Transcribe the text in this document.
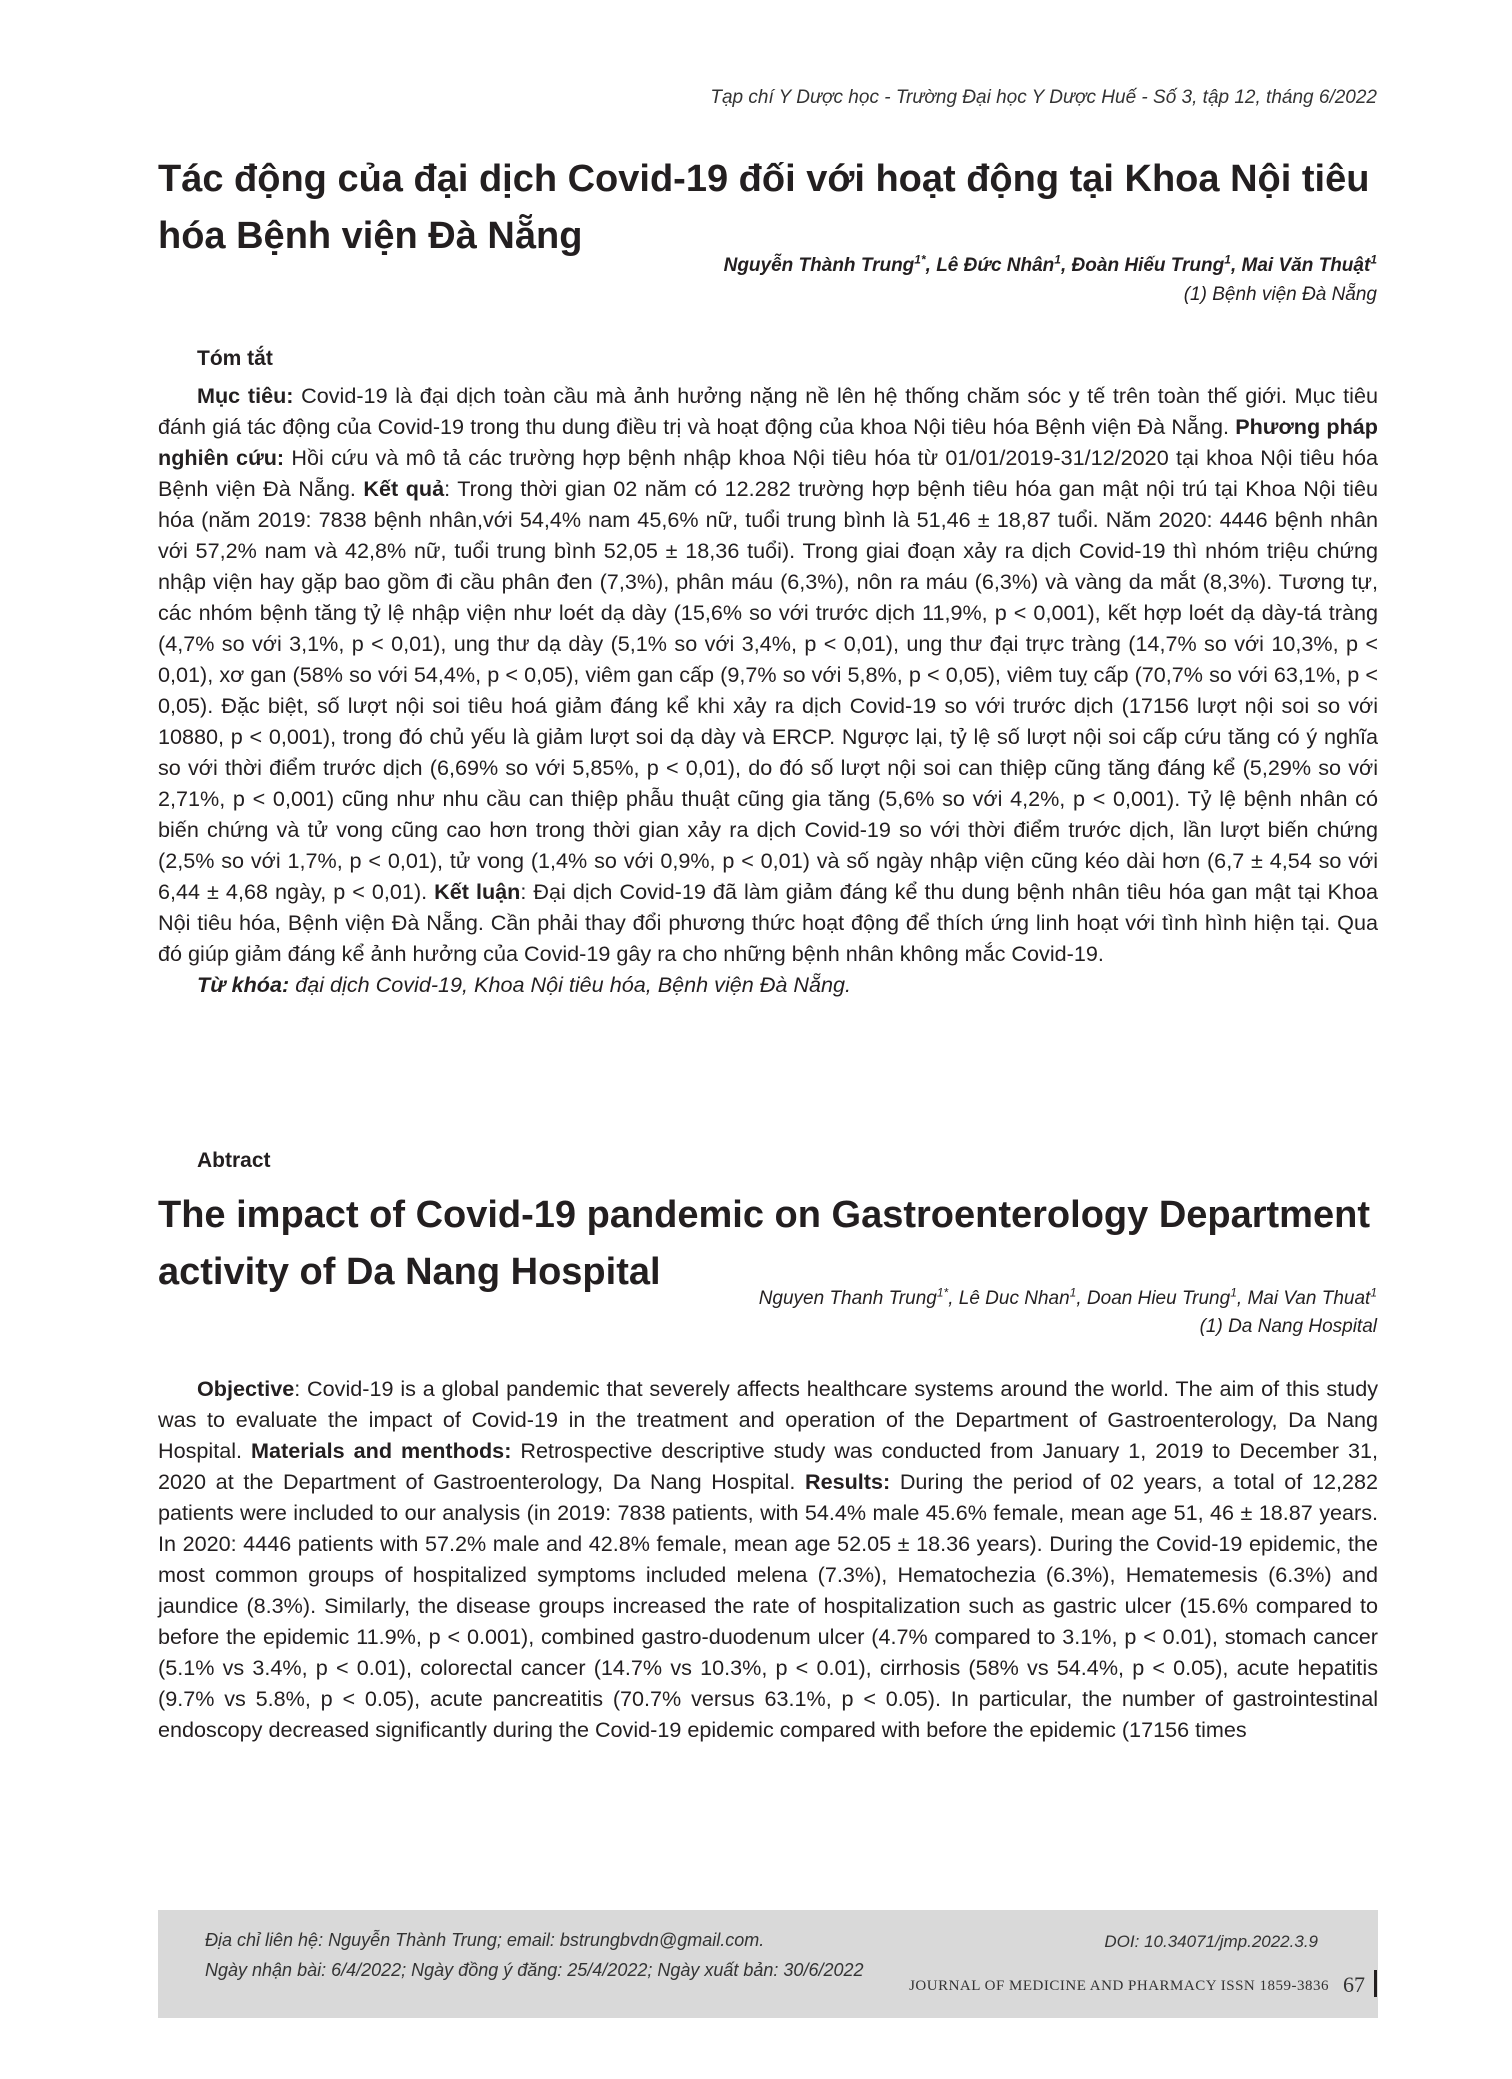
Tạp chí Y Dược học - Trường Đại học Y Dược Huế - Số 3, tập 12, tháng 6/2022
Tác động của đại dịch Covid-19 đối với hoạt động tại Khoa Nội tiêu hóa Bệnh viện Đà Nẵng
Nguyễn Thành Trung$^{1*}$, Lê Đức Nhân$^1$, Đoàn Hiếu Trung$^1$, Mai Văn Thuật$^1$
(1) Bệnh viện Đà Nẵng
Tóm tắt

Mục tiêu: Covid-19 là đại dịch toàn cầu mà ảnh hưởng nặng nề lên hệ thống chăm sóc y tế trên toàn thế giới. Mục tiêu đánh giá tác động của Covid-19 trong thu dung điều trị và hoạt động của khoa Nội tiêu hóa Bệnh viện Đà Nẵng. Phương pháp nghiên cứu: Hồi cứu và mô tả các trường hợp bệnh nhập khoa Nội tiêu hóa từ 01/01/2019-31/12/2020 tại khoa Nội tiêu hóa Bệnh viện Đà Nẵng. Kết quả: Trong thời gian 02 năm có 12.282 trường hợp bệnh tiêu hóa gan mật nội trú tại Khoa Nội tiêu hóa (năm 2019: 7838 bệnh nhân,với 54,4% nam 45,6% nữ, tuổi trung bình là 51,46 ± 18,87 tuổi. Năm 2020: 4446 bệnh nhân với 57,2% nam và 42,8% nữ, tuổi trung bình 52,05 ± 18,36 tuổi). Trong giai đoạn xảy ra dịch Covid-19 thì nhóm triệu chứng nhập viện hay gặp bao gồm đi cầu phân đen (7,3%), phân máu (6,3%), nôn ra máu (6,3%) và vàng da mắt (8,3%). Tương tự, các nhóm bệnh tăng tỷ lệ nhập viện như loét dạ dày (15,6% so với trước dịch 11,9%, p < 0,001), kết hợp loét dạ dày-tá tràng (4,7% so với 3,1%, p < 0,01), ung thư dạ dày (5,1% so với 3,4%, p < 0,01), ung thư đại trực tràng (14,7% so với 10,3%, p < 0,01), xơ gan (58% so với 54,4%, p < 0,05), viêm gan cấp (9,7% so với 5,8%, p < 0,05), viêm tuỵ cấp (70,7% so với 63,1%, p < 0,05). Đặc biệt, số lượt nội soi tiêu hoá giảm đáng kể khi xảy ra dịch Covid-19 so với trước dịch (17156 lượt nội soi so với 10880, p < 0,001), trong đó chủ yếu là giảm lượt soi dạ dày và ERCP. Ngược lại, tỷ lệ số lượt nội soi cấp cứu tăng có ý nghĩa so với thời điểm trước dịch (6,69% so với 5,85%, p < 0,01), do đó số lượt nội soi can thiệp cũng tăng đáng kể (5,29% so với 2,71%, p < 0,001) cũng như nhu cầu can thiệp phẫu thuật cũng gia tăng (5,6% so với 4,2%, p < 0,001). Tỷ lệ bệnh nhân có biến chứng và tử vong cũng cao hơn trong thời gian xảy ra dịch Covid-19 so với thời điểm trước dịch, lần lượt biến chứng (2,5% so với 1,7%, p < 0,01), tử vong (1,4% so với 0,9%, p < 0,01) và số ngày nhập viện cũng kéo dài hơn (6,7 ± 4,54 so với 6,44 ± 4,68 ngày, p < 0,01). Kết luận: Đại dịch Covid-19 đã làm giảm đáng kể thu dung bệnh nhân tiêu hóa gan mật tại Khoa Nội tiêu hóa, Bệnh viện Đà Nẵng. Cần phải thay đổi phương thức hoạt động để thích ứng linh hoạt với tình hình hiện tại. Qua đó giúp giảm đáng kể ảnh hưởng của Covid-19 gây ra cho những bệnh nhân không mắc Covid-19.

Từ khóa: đại dịch Covid-19, Khoa Nội tiêu hóa, Bệnh viện Đà Nẵng.

Abtract
The impact of Covid-19 pandemic on Gastroenterology Department activity of Da Nang Hospital
Nguyen Thanh Trung$^{1*}$, Lê Duc Nhan$^1$, Doan Hieu Trung$^1$, Mai Van Thuat$^1$
(1) Da Nang Hospital

Objective: Covid-19 is a global pandemic that severely affects healthcare systems around the world. The aim of this study was to evaluate the impact of Covid-19 in the treatment and operation of the Department of Gastroenterology, Da Nang Hospital. Materials and menthods: Retrospective descriptive study was conducted from January 1, 2019 to December 31, 2020 at the Department of Gastroenterology, Da Nang Hospital. Results: During the period of 02 years, a total of 12,282 patients were included to our analysis (in 2019: 7838 patients, with 54.4% male 45.6% female, mean age 51, 46 ± 18.87 years. In 2020: 4446 patients with 57.2% male and 42.8% female, mean age 52.05 ± 18.36 years). During the Covid-19 epidemic, the most common groups of hospitalized symptoms included melena (7.3%), Hematochezia (6.3%), Hematemesis (6.3%) and jaundice (8.3%). Similarly, the disease groups increased the rate of hospitalization such as gastric ulcer (15.6% compared to before the epidemic 11.9%, p < 0.001), combined gastro-duodenum ulcer (4.7% compared to 3.1%, p < 0.01), stomach cancer (5.1% vs 3.4%, p < 0.01), colorectal cancer (14.7% vs 10.3%, p < 0.01), cirrhosis (58% vs 54.4%, p < 0.05), acute hepatitis (9.7% vs 5.8%, p < 0.05), acute pancreatitis (70.7% versus 63.1%, p < 0.05). In particular, the number of gastrointestinal endoscopy decreased significantly during the Covid-19 epidemic compared with before the epidemic (17156 times

Địa chỉ liên hệ: Nguyễn Thành Trung; email: bstrungbvdn@gmail.com.
Ngày nhận bài: 6/4/2022; Ngày đồng ý đăng: 25/4/2022; Ngày xuất bản: 30/6/2022
DOI: 10.34071/jmp.2022.3.9
JOURNAL OF MEDICINE AND PHARMACY ISSN 1859-3836 67
